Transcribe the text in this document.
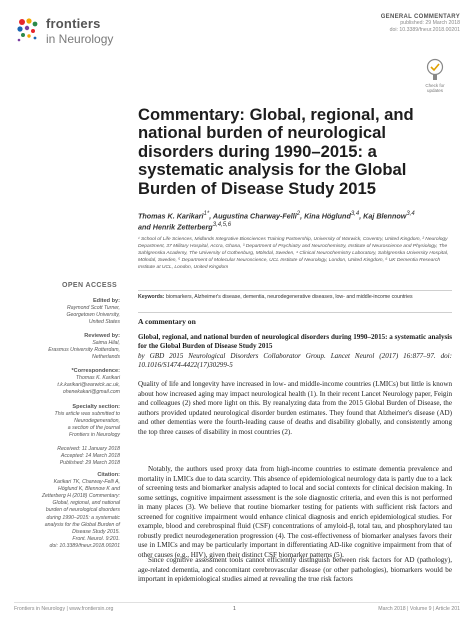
frontiers
in Neurology
GENERAL COMMENTARY
published: 29 March 2018
doi: 10.3389/fneur.2018.00201
Check for updates
Commentary: Global, regional, and national burden of neurological disorders during 1990–2015: a systematic analysis for the Global Burden of Disease Study 2015
Thomas K. Karikari$^{1*}$, Augustina Charway-Felli$^2$, Kina Höglund$^{3,4}$, Kaj Blennow$^{3,4}$
and Henrik Zetterberg$^{3,4,5,6}$
¹ School of Life Sciences, Midlands Integrative Biosciences Training Partnership, University of Warwick, Coventry, United Kingdom, ² Neurology Department, 37 Military Hospital, Accra, Ghana, ³ Department of Psychiatry and Neurochemistry, Institute of Neuroscience and Physiology, The Sahlgrenska Academy, The University of Gothenburg, Mölndal, Sweden, ⁴ Clinical Neurochemistry Laboratory, Sahlgrenska University Hospital, Mölndal, Sweden, ⁵ Department of Molecular Neuroscience, UCL Institute of Neurology, London, United Kingdom, ⁶ UK Dementia Research Institute at UCL, London, United Kingdom
Keywords: biomarkers, Alzheimer's disease, dementia, neurodegenerative diseases, low- and middle-income countries
OPEN ACCESS
Edited by:
Raymond Scott Turner,
Georgetown University,
United States
Reviewed by:
Saima Hilal,
Erasmus University Rotterdam,
Netherlands
*Correspondence:
Thomas K. Karikari
t.k.karikari@warwick.ac.uk,
ohenekakari@gmail.com
Specialty section:
This article was submitted to
Neurodegeneration,
a section of the journal
Frontiers in Neurology
Received: 11 January 2018
Accepted: 14 March 2018
Published: 29 March 2018
Citation:
Karikari TK, Charway-Felli A,
Höglund K, Blennow K and
Zetterberg H (2018) Commentary:
Global, regional, and national
burden of neurological disorders
during 1990–2015: a systematic
analysis for the Global Burden of
Disease Study 2015.
Front. Neurol. 9:201.
doi: 10.3389/fneur.2018.00201
A commentary on
Global, regional, and national burden of neurological disorders during 1990–2015: a systematic analysis for the Global Burden of Disease Study 2015
by GBD 2015 Neurological Disorders Collaborator Group. Lancet Neurol (2017) 16:877–97. doi: 10.1016/S1474-4422(17)30299-5

Quality of life and longevity have increased in low- and middle-income countries (LMICs) but little is known about how increased aging may impact neurological health (1). In their recent Lancet Neurology paper, Feigin and colleagues (2) shed more light on this. By reanalyzing data from the 2015 Global Burden of Disease, the authors provided updated neurological disorder burden estimates. They found that Alzheimer's disease (AD) and other dementias were the fourth-leading cause of deaths and disability globally, and consistently among the top three causes of disability in most countries (2).

Notably, the authors used proxy data from high-income countries to estimate dementia prevalence and mortality in LMICs due to data scarcity. This absence of epidemiological neurology data is partly due to a lack of screening tests and biomarker analysis adapted to local and social contexts for clinical decision making. In some settings, cognitive impairment assessment is the sole diagnostic criteria, and even this is not performed in many places (3). We believe that routine biomarker testing for patients with sufficient risk factors and screened for cognitive impairment would enhance clinical diagnosis and enrich epidemiological studies. For example, blood and cerebrospinal fluid (CSF) concentrations of amyloid-β, total tau, and phosphorylated tau robustly predict neurodegeneration progression (4). The cost-effectiveness of biomarker analyses favors their use in LMICs and may be particularly important in differentiating AD-like cognitive impairment from that of other causes (e.g., HIV), given their distinct CSF biomarker patterns (5).

Since cognitive assessment tools cannot efficiently distinguish between risk factors for AD (pathology), age-related dementia, and concomitant cerebrovascular disease (or other pathologies), biomarkers would be important in epidemiological studies aimed at revealing the true risk factors

Frontiers in Neurology | www.frontiersin.org	1	March 2018 | Volume 9 | Article 201
